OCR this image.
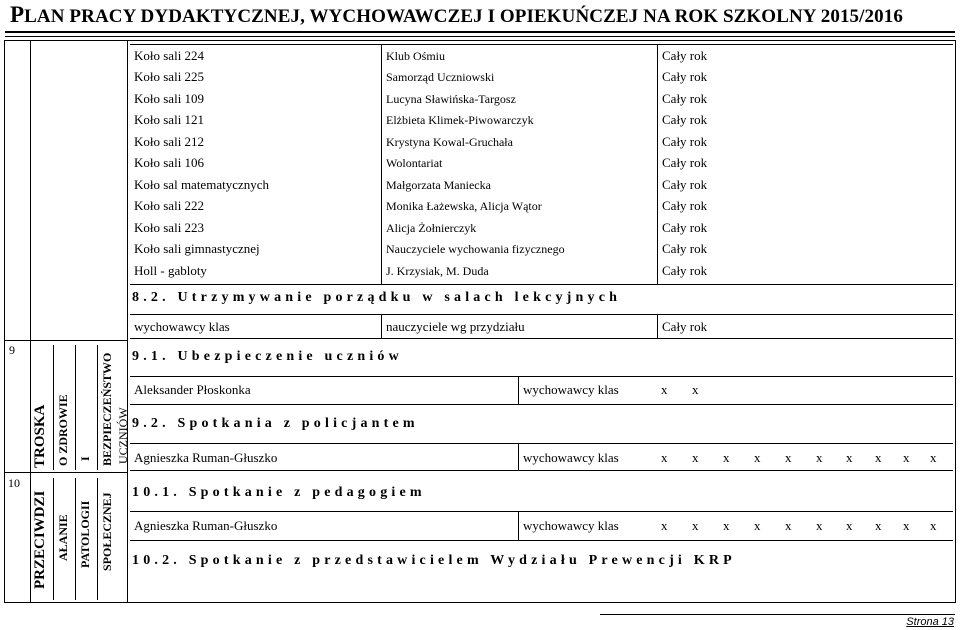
PLAN PRACY DYDAKTYCZNEJ, WYCHOWAWCZEJ I OPIEKUŃCZEJ NA ROK SZKOLNY 2015/2016
Koło sali 224	Klub Ośmiu	Cały rok
Koło sali 225	Samorząd Uczniowski	Cały rok
Koło sali 109	Lucyna Sławińska-Targosz	Cały rok
Koło sali 121	Elżbieta Klimek-Piwowarczyk	Cały rok
Koło sali 212	Krystyna Kowal-Gruchała	Cały rok
Koło sali 106	Wolontariat	Cały rok
Koło sal matematycznych	Małgorzata Maniecka	Cały rok
Koło sali 222	Monika Łażewska, Alicja Wątor	Cały rok
Koło sali 223	Alicja Żołnierczyk	Cały rok
Koło sali gimnastycznej	Nauczyciele wychowania fizycznego	Cały rok
Holl - gabloty	J. Krzysiak, M. Duda	Cały rok
8.2. Utrzymywanie porządku w salach lekcyjnych
wychowawcy klas	nauczyciele wg przydziału	Cały rok
9
TROSKA O ZDROWIE I BEZPIECZEŃSTWO UCZNIÓW
9.1. Ubezpieczenie uczniów
Aleksander Płoskonka	wychowawcy klas	x x
9.2. Spotkania z policjantem
Agnieszka Ruman-Głuszko	wychowawcy klas	x x x x x x x x x x
10
PRZECIWDZI AŁANIE PATOLOGII SPOŁECZNEJ
10.1. Spotkanie z pedagogiem
Agnieszka Ruman-Głuszko	wychowawcy klas	x x x x x x x x x x
10.2. Spotkanie z przedstawicielem Wydziału Prewencji KRP
Strona 13
